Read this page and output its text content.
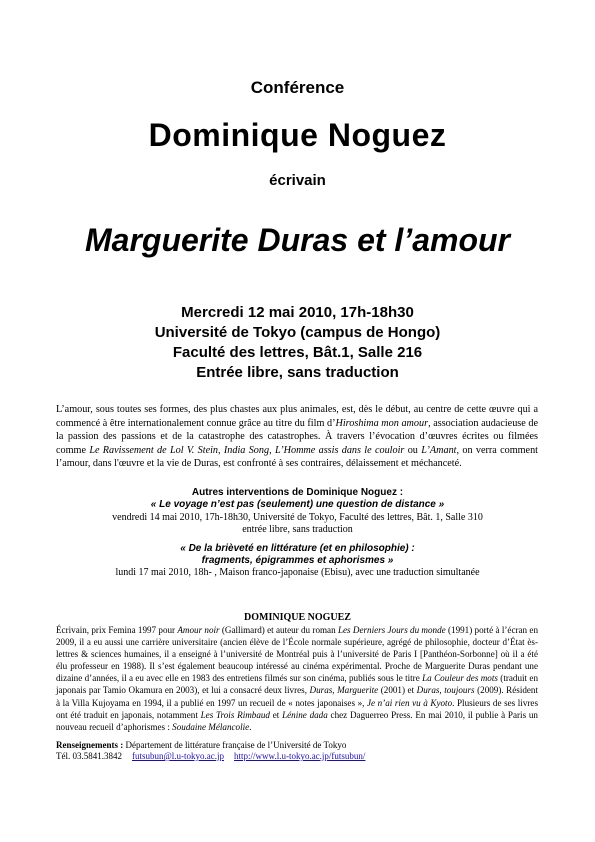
Conférence
Dominique Noguez
écrivain
Marguerite Duras et l’amour
Mercredi 12 mai 2010, 17h-18h30
Université de Tokyo (campus de Hongo)
Faculté des lettres, Bât.1, Salle 216
Entrée libre, sans traduction
L’amour, sous toutes ses formes, des plus chastes aux plus animales, est, dès le début, au centre de cette œuvre qui a commencé à être internationalement connue grâce au titre du film d’Hiroshima mon amour, association audacieuse de la passion des passions et de la catastrophe des catastrophes. À travers l’évocation d’œuvres écrites ou filmées comme Le Ravissement de Lol V. Stein, India Song, L’Homme assis dans le couloir ou L’Amant, on verra comment l’amour, dans l'œuvre et la vie de Duras, est confronté à ses contraires, délaissement et méchanceté.
Autres interventions de Dominique Noguez :
« Le voyage n’est pas (seulement) une question de distance »
vendredi 14 mai 2010, 17h-18h30, Université de Tokyo, Faculté des lettres, Bât. 1, Salle 310
entrée libre, sans traduction
« De la brièveté en littérature (et en philosophie) :
fragments, épigrammes et aphorismes »
lundi 17 mai 2010, 18h- , Maison franco-japonaise (Ebisu), avec une traduction simultanée
DOMINIQUE NOGUEZ
Écrivain, prix Femina 1997 pour Amour noir (Gallimard) et auteur du roman Les Derniers Jours du monde (1991) porté à l’écran en 2009, il a eu aussi une carrière universitaire (ancien élève de l’École normale supérieure, agrégé de philosophie, docteur d’État ès-lettres & sciences humaines, il a enseigné à l’université de Montréal puis à l’université de Paris I [Panthéon-Sorbonne] où il a été élu professeur en 1988). Il s’est également beaucoup intéressé au cinéma expérimental. Proche de Marguerite Duras pendant une dizaine d’années, il a eu avec elle en 1983 des entretiens filmés sur son cinéma, publiés sous le titre La Couleur des mots (traduit en japonais par Tamio Okamura en 2003), et lui a consacré deux livres, Duras, Marguerite (2001) et Duras, toujours (2009). Résident à la Villa Kujoyama en 1994, il a publié en 1997 un recueil de « notes japonaises », Je n’ai rien vu à Kyoto. Plusieurs de ses livres ont été traduit en japonais, notamment Les Trois Rimbaud et Lénine dada chez Daguerreo Press. En mai 2010, il publie à Paris un nouveau recueil d’aphorismes : Soudaine Mélancolie.
Renseignements : Département de littérature française de l’Université de Tokyo
Tél. 03.5841.3842 futsubun@l.u-tokyo.ac.jp http://www.l.u-tokyo.ac.jp/futsubun/
